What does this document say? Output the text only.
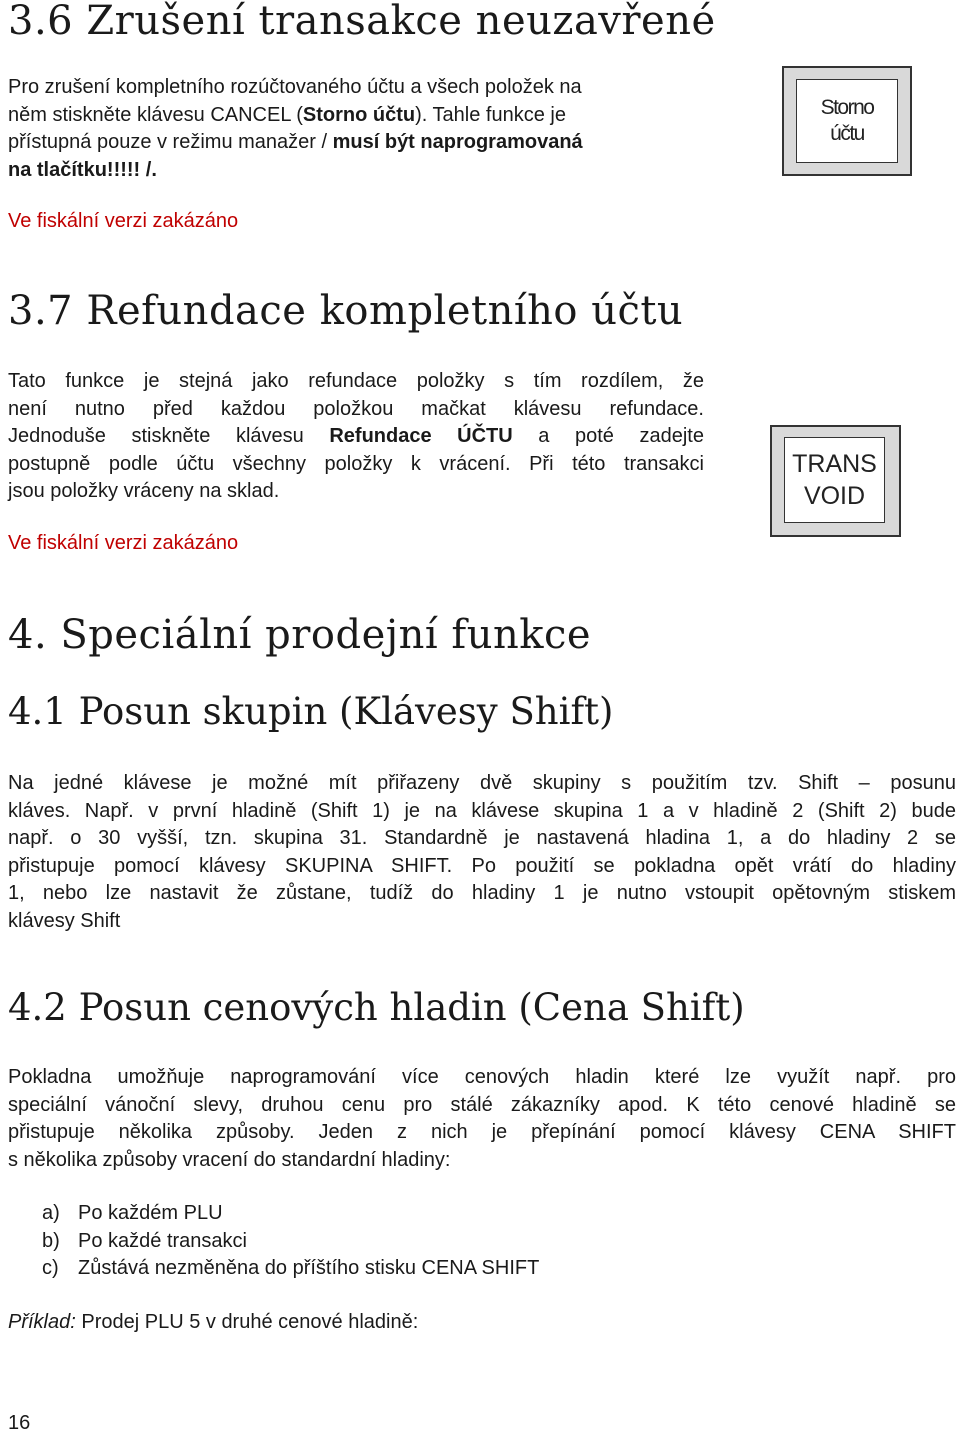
3.6 Zrušení transakce neuzavřené

Pro zrušení kompletního rozúčtovaného účtu a všech položek na

něm stiskněte klávesu CANCEL (Storno účtu). Tahle funkce je

přístupná pouze v režimu manažer / musí být naprogramovaná

na tlačítku!!!!! /.

Ve fiskální verzi zakázáno
Storno
účtu
3.7 Refundace kompletního účtu

Tato funkce je stejná jako refundace položky s tím rozdílem, že

není nutno před každou položkou mačkat klávesu refundace.

Jednoduše stiskněte klávesu Refundace ÚČTU a poté zadejte

postupně podle účtu všechny položky k vrácení. Při této transakci

jsou položky vráceny na sklad.

Ve fiskální verzi zakázáno
TRANS
VOID
4. Speciální prodejní funkce
4.1 Posun skupin (Klávesy Shift)

Na jedné klávese je možné mít přiřazeny dvě skupiny s použitím tzv. Shift – posunu

kláves. Např. v první hladině (Shift 1) je na klávese skupina 1 a v hladině 2 (Shift 2) bude

např. o 30 vyšší, tzn. skupina 31. Standardně je nastavená hladina 1, a do hladiny 2 se

přistupuje pomocí klávesy SKUPINA SHIFT. Po použití se pokladna opět vrátí do hladiny

1, nebo lze nastavit že zůstane, tudíž do hladiny 1 je nutno vstoupit opětovným stiskem

klávesy Shift

4.2 Posun cenových hladin (Cena Shift)

Pokladna umožňuje naprogramování více cenových hladin které lze využít např. pro

speciální vánoční slevy, druhou cenu pro stálé zákazníky apod. K této cenové hladině se

přistupuje několika způsoby. Jeden z nich je přepínání pomocí klávesy CENA SHIFT

s několika způsoby vracení do standardní hladiny:

a) Po každém PLU
b) Po každé transakci
c) Zůstává nezměněna do příštího stisku CENA SHIFT

Příklad: Prodej PLU 5 v druhé cenové hladině:

16
